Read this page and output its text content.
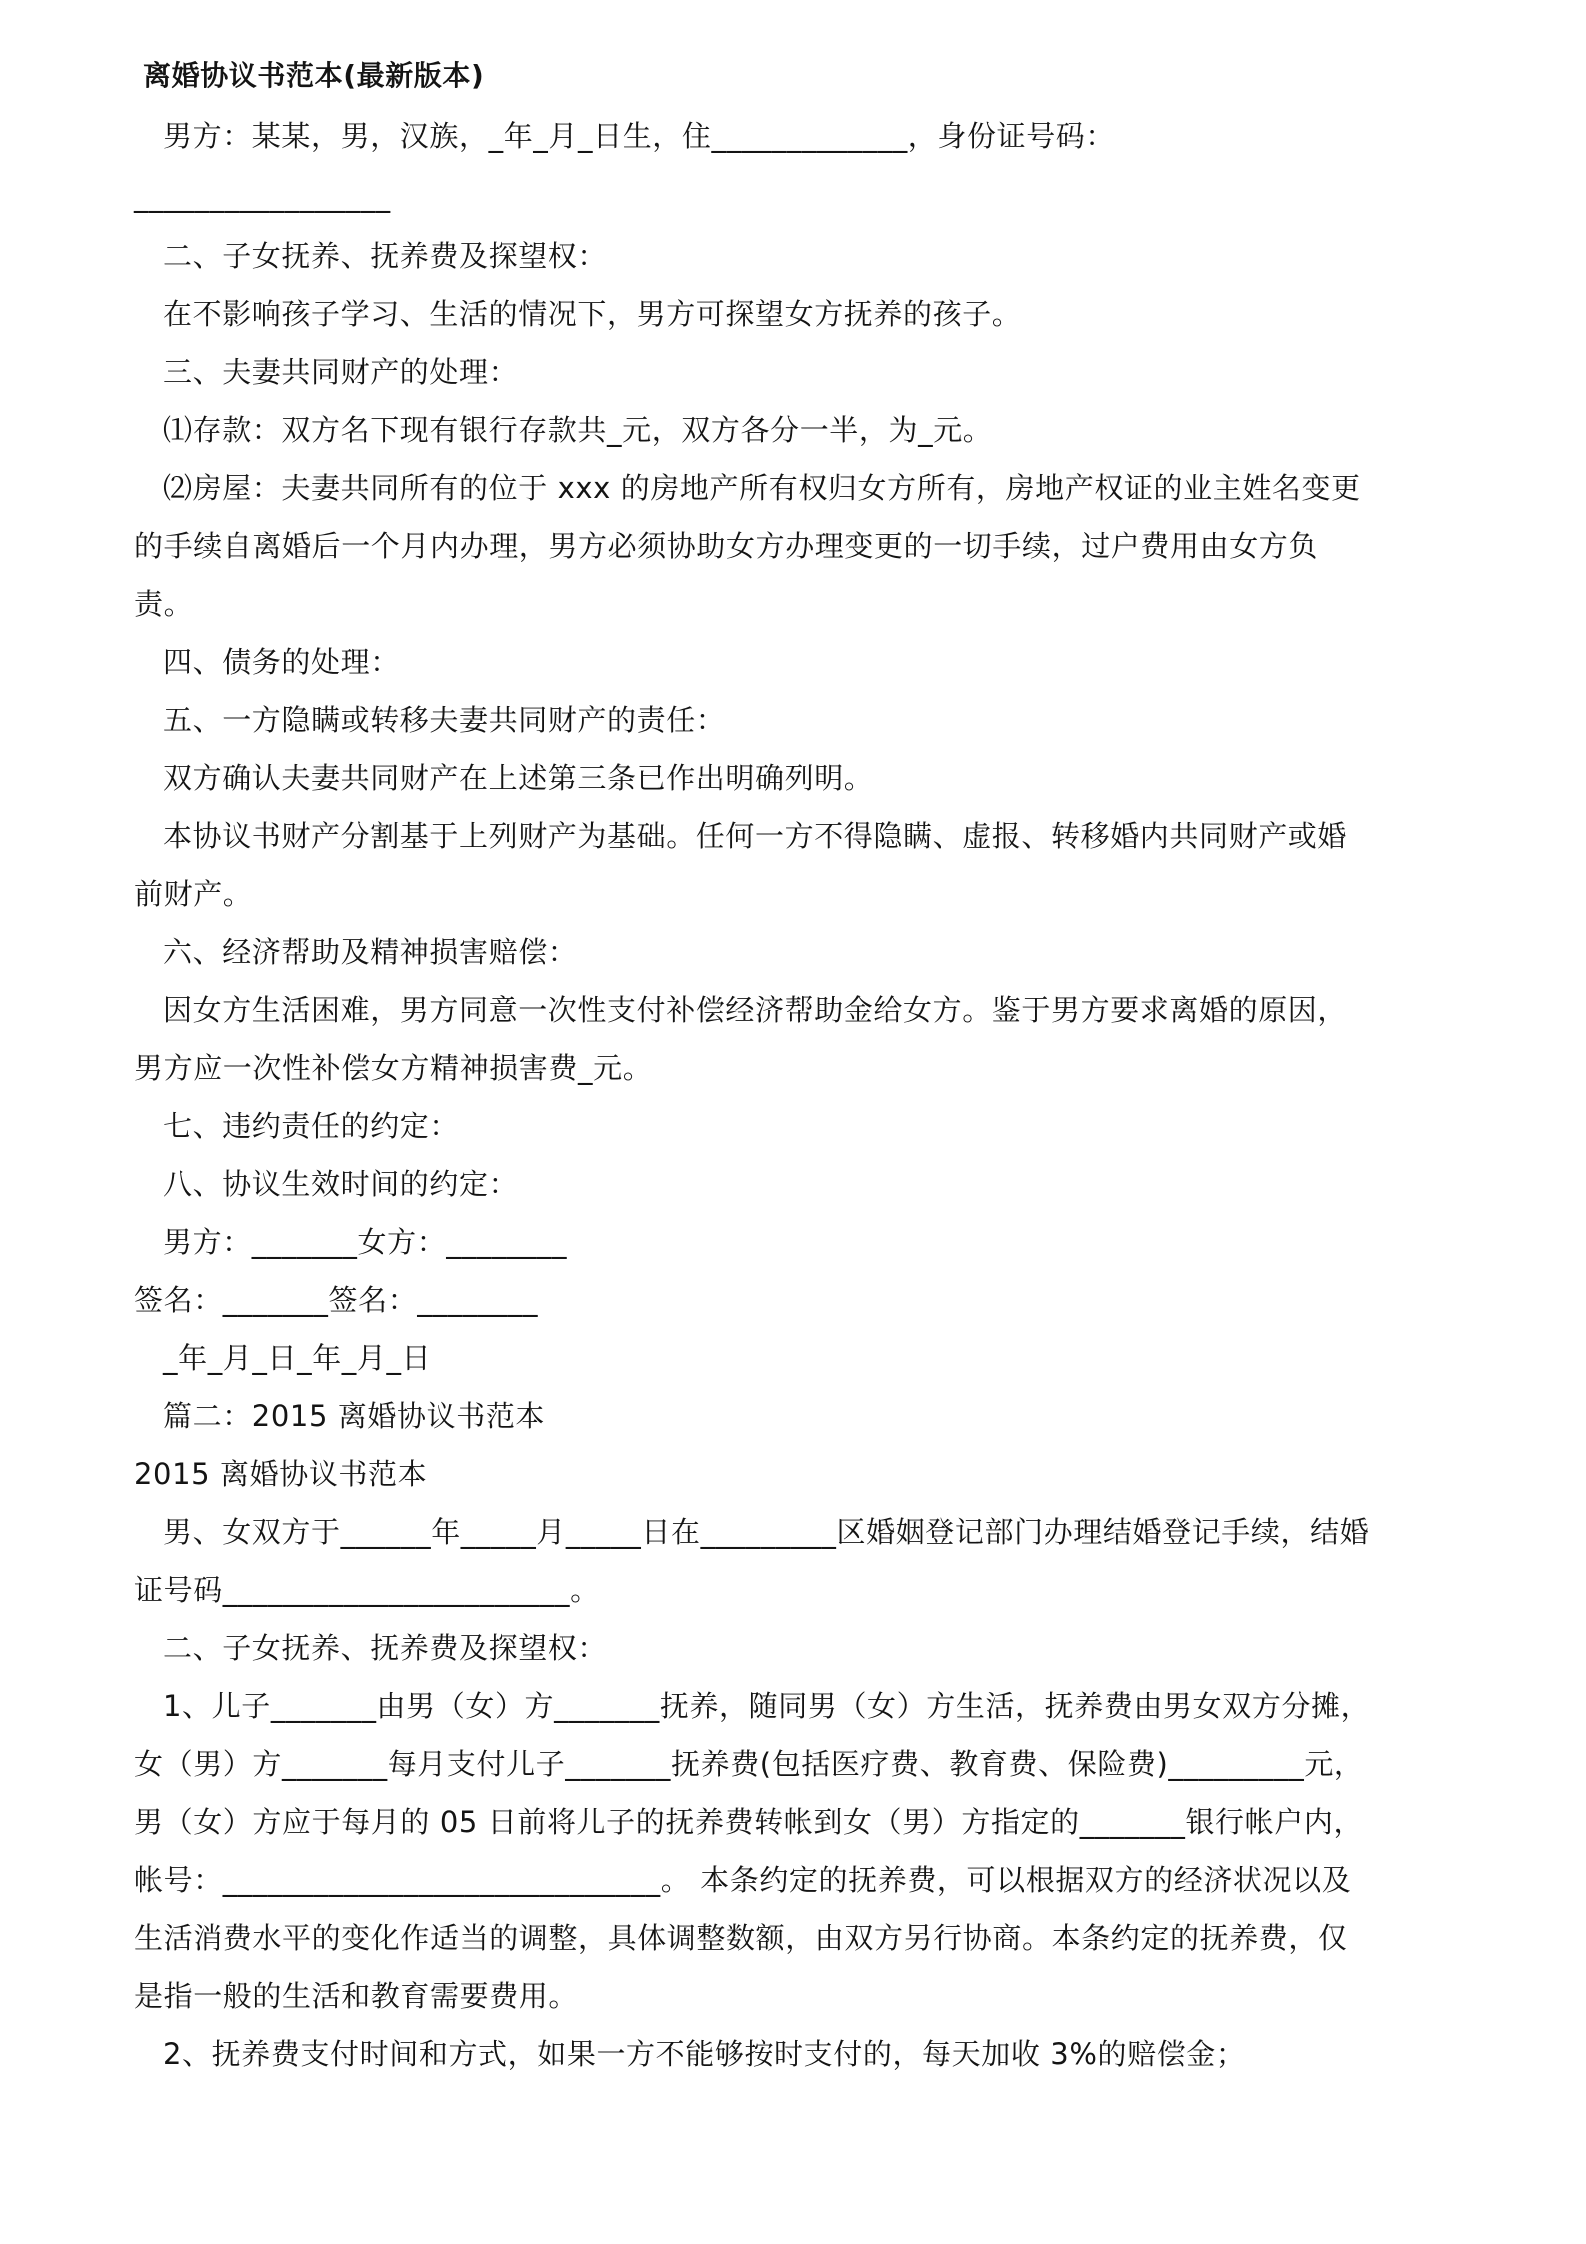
离婚协议书范本(最新版本)
男方：某某，男，汉族，_年_月_日生，住_____________，身份证号码：
_________________
二、子女抚养、抚养费及探望权：
在不影响孩子学习、生活的情况下，男方可探望女方抚养的孩子。
三、夫妻共同财产的处理：
⑴存款：双方名下现有银行存款共_元，双方各分一半，为_元。
⑵房屋：夫妻共同所有的位于 xxx 的房地产所有权归女方所有，房地产权证的业主姓名变更
的手续自离婚后一个月内办理，男方必须协助女方办理变更的一切手续，过户费用由女方负
责。
四、债务的处理：
五、一方隐瞒或转移夫妻共同财产的责任：
双方确认夫妻共同财产在上述第三条已作出明确列明。
本协议书财产分割基于上列财产为基础。任何一方不得隐瞒、虚报、转移婚内共同财产或婚
前财产。
六、经济帮助及精神损害赔偿：
因女方生活困难，男方同意一次性支付补偿经济帮助金给女方。鉴于男方要求离婚的原因，
男方应一次性补偿女方精神损害费_元。
七、违约责任的约定：
八、协议生效时间的约定：
男方：_______女方：________
签名：_______签名：________
_年_月_日_年_月_日
篇二：2015 离婚协议书范本
2015 离婚协议书范本
男、女双方于______年_____月_____日在_________区婚姻登记部门办理结婚登记手续，结婚
证号码_______________________。
二、子女抚养、抚养费及探望权：
1、儿子_______由男（女）方_______抚养，随同男（女）方生活，抚养费由男女双方分摊，
女（男）方_______每月支付儿子_______抚养费(包括医疗费、教育费、保险费)_________元，
男（女）方应于每月的 05 日前将儿子的抚养费转帐到女（男）方指定的_______银行帐户内，
帐号：_____________________________。 本条约定的抚养费，可以根据双方的经济状况以及
生活消费水平的变化作适当的调整，具体调整数额，由双方另行协商。本条约定的抚养费，仅
是指一般的生活和教育需要费用。
2、抚养费支付时间和方式，如果一方不能够按时支付的，每天加收 3%的赔偿金；
